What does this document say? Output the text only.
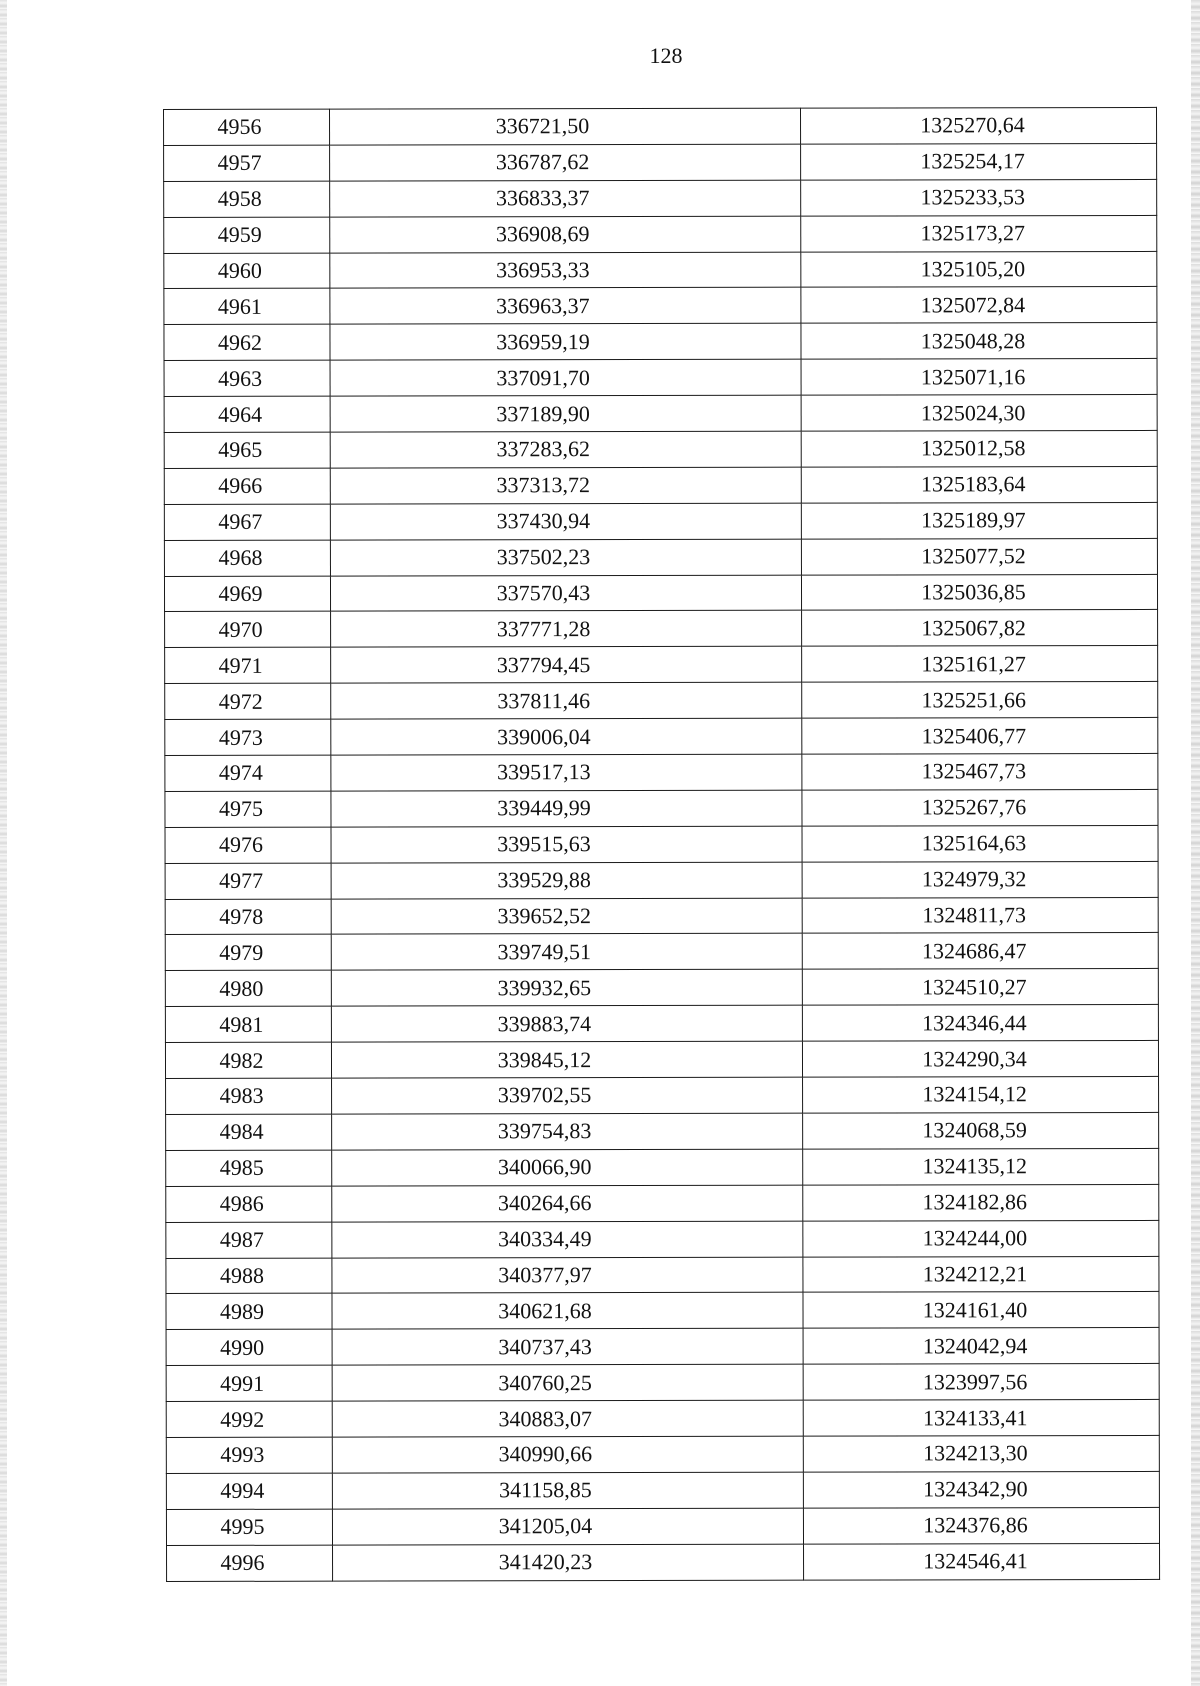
128
4956	336721,50	1325270,64
4957	336787,62	1325254,17
4958	336833,37	1325233,53
4959	336908,69	1325173,27
4960	336953,33	1325105,20
4961	336963,37	1325072,84
4962	336959,19	1325048,28
4963	337091,70	1325071,16
4964	337189,90	1325024,30
4965	337283,62	1325012,58
4966	337313,72	1325183,64
4967	337430,94	1325189,97
4968	337502,23	1325077,52
4969	337570,43	1325036,85
4970	337771,28	1325067,82
4971	337794,45	1325161,27
4972	337811,46	1325251,66
4973	339006,04	1325406,77
4974	339517,13	1325467,73
4975	339449,99	1325267,76
4976	339515,63	1325164,63
4977	339529,88	1324979,32
4978	339652,52	1324811,73
4979	339749,51	1324686,47
4980	339932,65	1324510,27
4981	339883,74	1324346,44
4982	339845,12	1324290,34
4983	339702,55	1324154,12
4984	339754,83	1324068,59
4985	340066,90	1324135,12
4986	340264,66	1324182,86
4987	340334,49	1324244,00
4988	340377,97	1324212,21
4989	340621,68	1324161,40
4990	340737,43	1324042,94
4991	340760,25	1323997,56
4992	340883,07	1324133,41
4993	340990,66	1324213,30
4994	341158,85	1324342,90
4995	341205,04	1324376,86
4996	341420,23	1324546,41
